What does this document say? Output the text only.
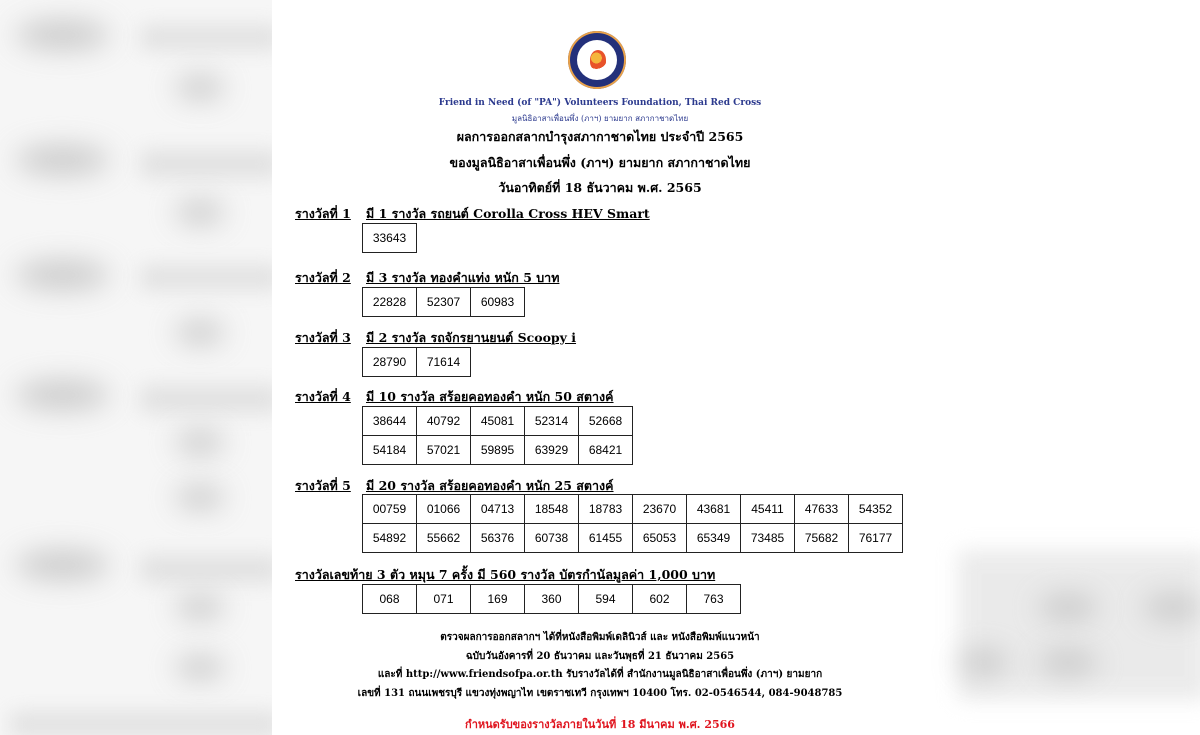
Friend in Need (of "PA") Volunteers Foundation, Thai Red Cross
มูลนิธิอาสาเพื่อนพึ่ง (ภาฯ) ยามยาก สภากาชาดไทย
ผลการออกสลากบำรุงสภากาชาดไทย ประจำปี 2565
ของมูลนิธิอาสาเพื่อนพึ่ง (ภาฯ) ยามยาก สภากาชาดไทย
วันอาทิตย์ที่ 18 ธันวาคม พ.ศ. 2565
รางวัลที่ 1 มี 1 รางวัล รถยนต์ Corolla Cross HEV Smart
33643
รางวัลที่ 2 มี 3 รางวัล ทองคำแท่ง หนัก 5 บาท
22828	52307	60983
รางวัลที่ 3 มี 2 รางวัล รถจักรยานยนต์ Scoopy i
28790	71614
รางวัลที่ 4 มี 10 รางวัล สร้อยคอทองคำ หนัก 50 สตางค์
38644	40792	45081	52314	52668
54184	57021	59895	63929	68421
รางวัลที่ 5 มี 20 รางวัล สร้อยคอทองคำ หนัก 25 สตางค์
00759	01066	04713	18548	18783	23670	43681	45411	47633	54352
54892	55662	56376	60738	61455	65053	65349	73485	75682	76177
รางวัลเลขท้าย 3 ตัว หมุน 7 ครั้ง มี 560 รางวัล บัตรกำนัลมูลค่า 1,000 บาท
068	071	169	360	594	602	763
ตรวจผลการออกสลากฯ ได้ที่หนังสือพิมพ์เดลินิวส์ และ หนังสือพิมพ์แนวหน้า
ฉบับวันอังคารที่ 20 ธันวาคม และวันพุธที่ 21 ธันวาคม 2565
และที่ http://www.friendsofpa.or.th รับรางวัลได้ที่ สำนักงานมูลนิธิอาสาเพื่อนพึ่ง (ภาฯ) ยามยาก
เลขที่ 131 ถนนเพชรบุรี แขวงทุ่งพญาไท เขตราชเทวี กรุงเทพฯ 10400 โทร. 02-0546544, 084-9048785
กำหนดรับของรางวัลภายในวันที่ 18 มีนาคม พ.ศ. 2566
